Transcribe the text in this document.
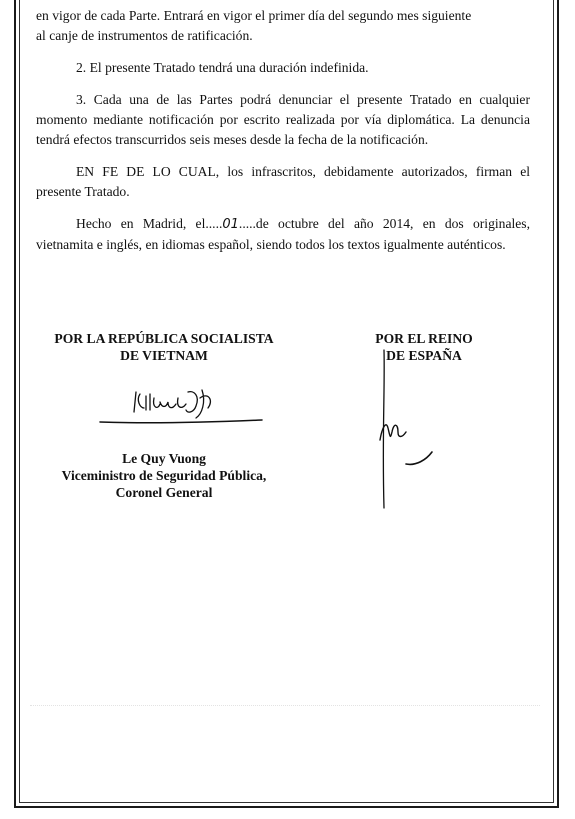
en vigor de cada Parte. Entrará en vigor el primer día del segundo mes siguiente
al canje de instrumentos de ratificación.

2. El presente Tratado tendrá una duración indefinida.

3. Cada una de las Partes podrá denunciar el presente Tratado en cualquier momento mediante notificación por escrito realizada por vía diplomática. La denuncia tendrá efectos transcurridos seis meses desde la fecha de la notificación.

EN FE DE LO CUAL, los infrascritos, debidamente autorizados, firman el presente Tratado.

Hecho en Madrid, el.....01.....de octubre del año 2014, en dos originales, vietnamita e inglés, en idiomas español, siendo todos los textos igualmente auténticos.

POR LA REPÚBLICA SOCIALISTA
DE VIETNAM
POR EL REINO
DE ESPAÑA
Le Quy Vuong
Viceministro de Seguridad Pública,
Coronel General
